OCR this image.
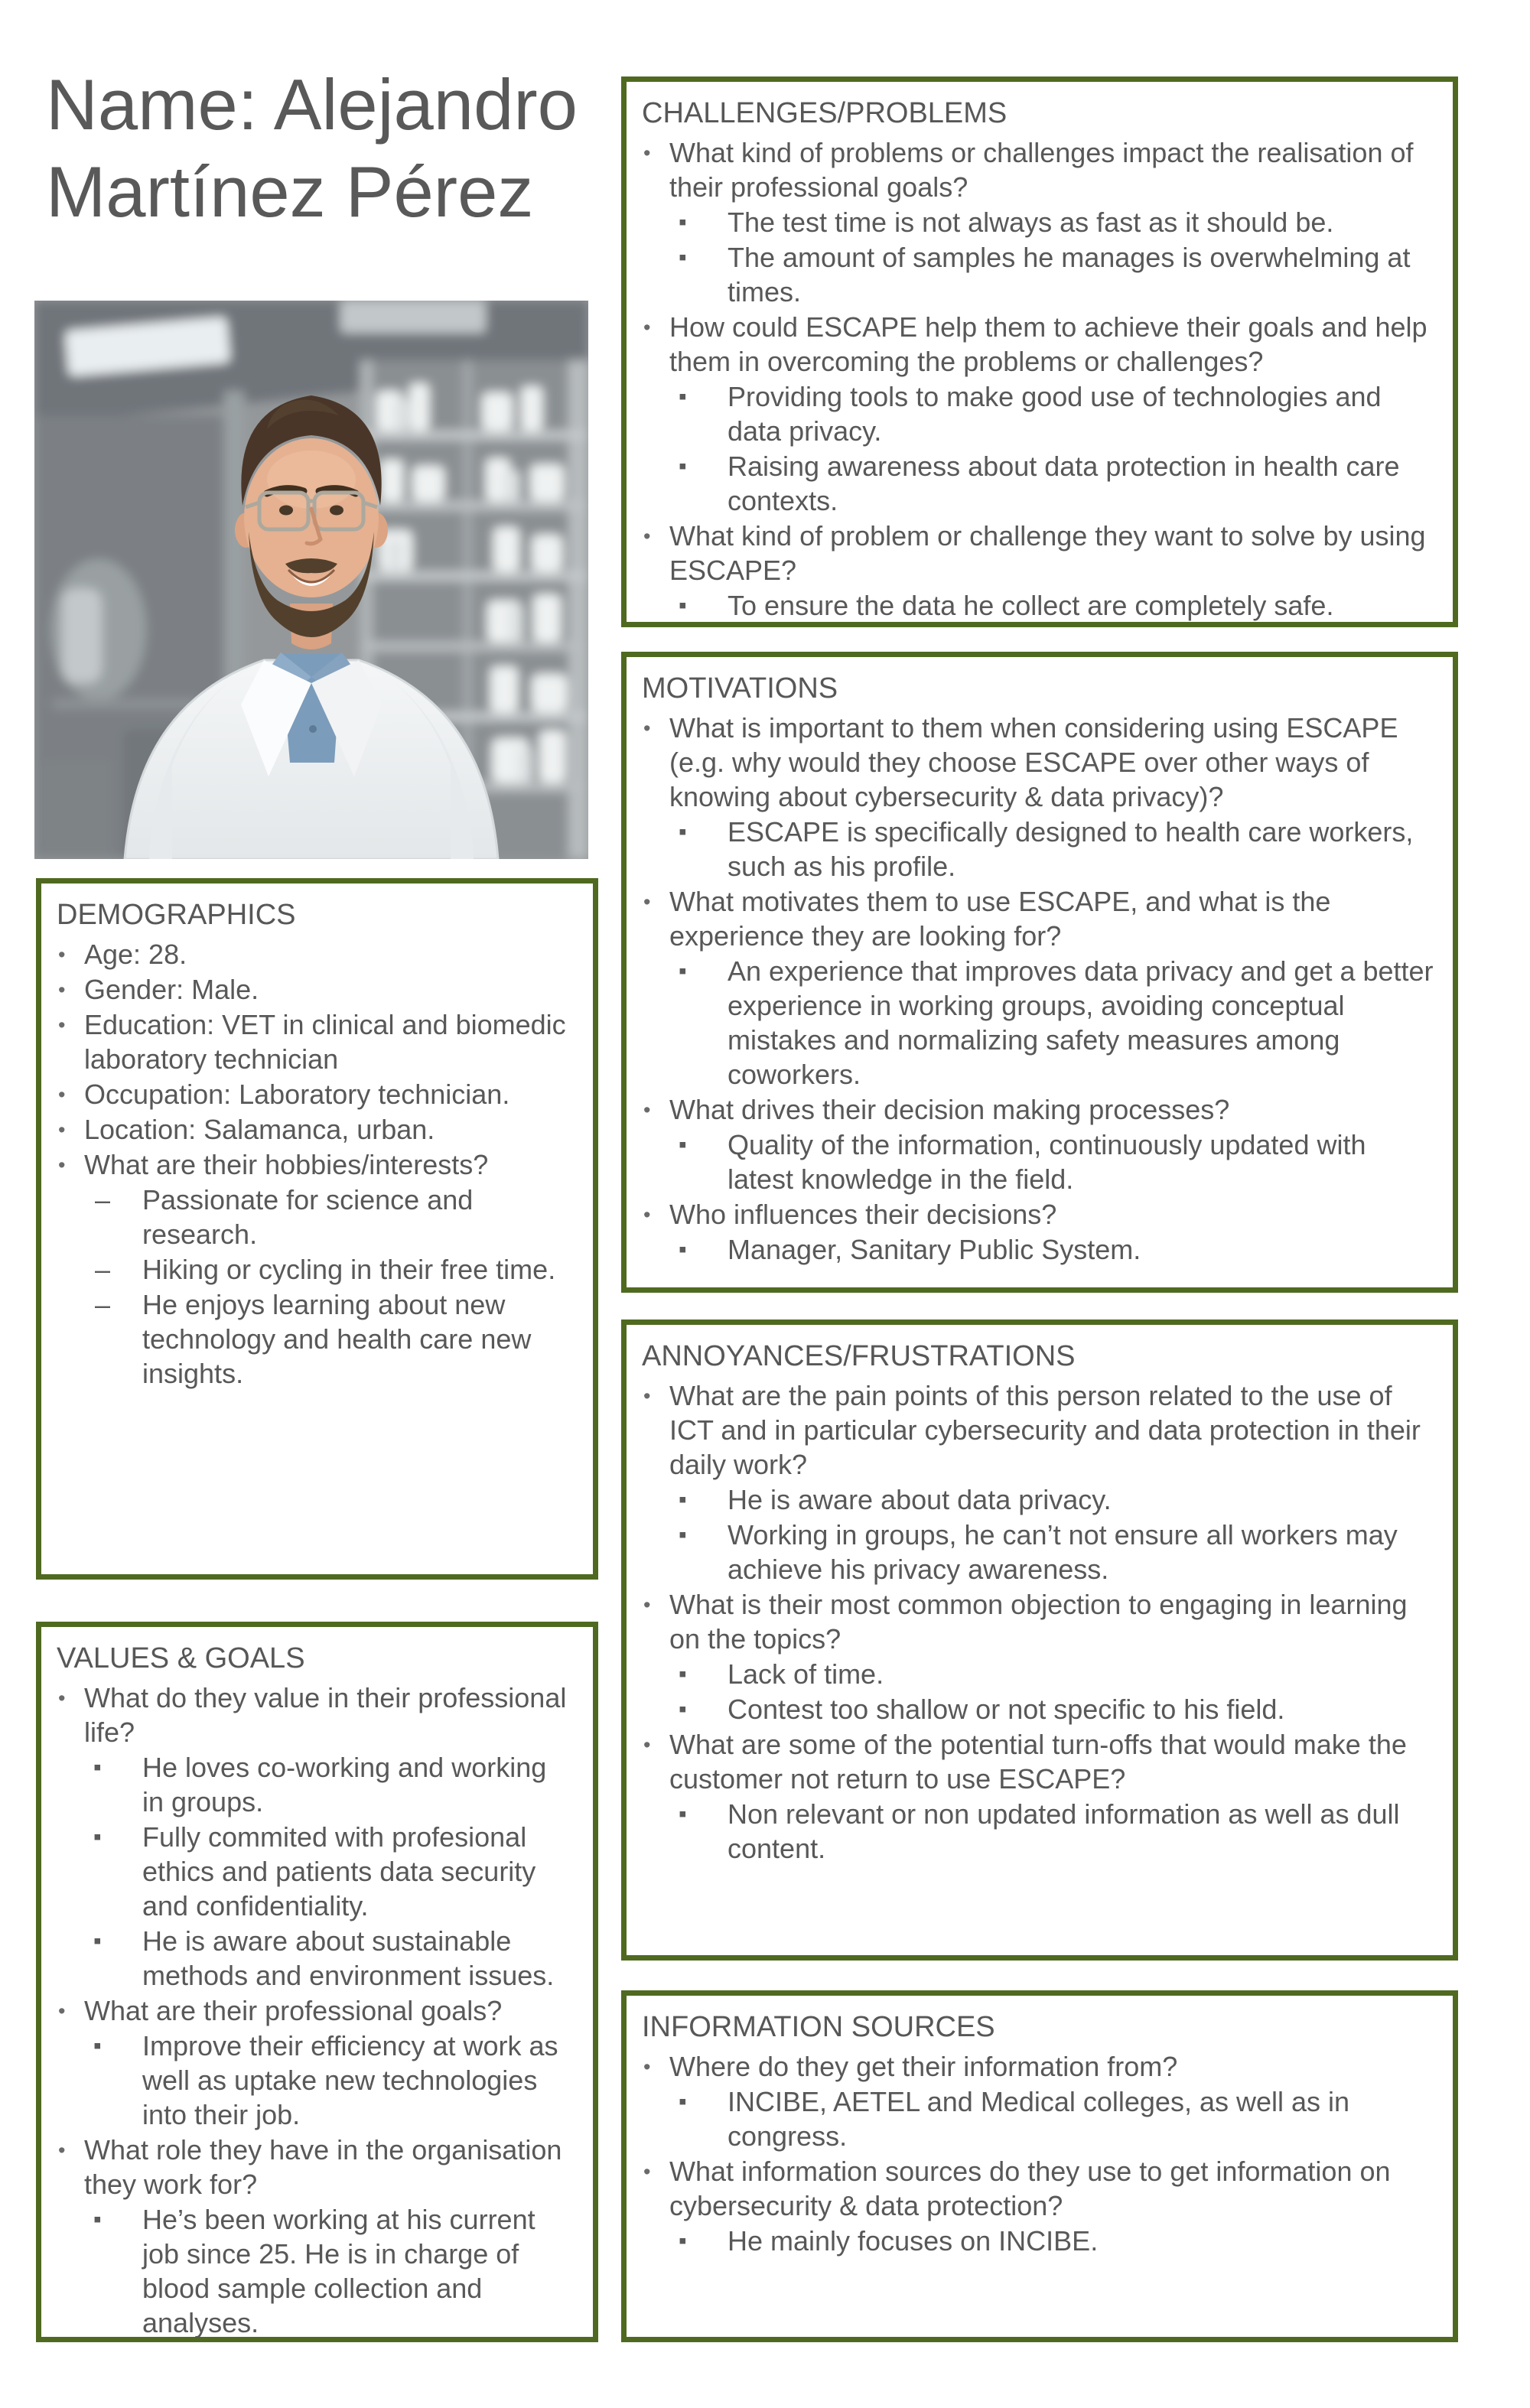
Name: Alejandro Martínez Pérez
DEMOGRAPHICS
• Age: 28.
• Gender: Male.
• Education: VET in clinical and biomedic laboratory technician
• Occupation: Laboratory technician.
• Location: Salamanca, urban.
• What are their hobbies/interests?
– Passionate for science and research.
– Hiking or cycling in their free time.
– He enjoys learning about new technology and health care new insights.
VALUES & GOALS
• What do they value in their professional life?
▪ He loves co-working and working in groups.
▪ Fully commited with profesional ethics and patients data security and confidentiality.
▪ He is aware about sustainable methods and environment issues.
• What are their professional goals?
▪ Improve their efficiency at work as well as uptake new technologies into their job.
• What role they have in the organisation they work for?
▪ He’s been working at his current job since 25. He is in charge of blood sample collection and analyses.
CHALLENGES/PROBLEMS
• What kind of problems or challenges impact the realisation of their professional goals?
▪ The test time is not always as fast as it should be.
▪ The amount of samples he manages is overwhelming at times.
• How could ESCAPE help them to achieve their goals and help them in overcoming the problems or challenges?
▪ Providing tools to make good use of technologies and data privacy.
▪ Raising awareness about data protection in health care contexts.
• What kind of problem or challenge they want to solve by using ESCAPE?
▪ To ensure the data he collect are completely safe.
MOTIVATIONS
• What is important to them when considering using ESCAPE (e.g. why would they choose ESCAPE over other ways of knowing about cybersecurity & data privacy)?
▪ ESCAPE is specifically designed to health care workers, such as his profile.
• What motivates them to use ESCAPE, and what is the experience they are looking for?
▪ An experience that improves data privacy and get a better experience in working groups, avoiding conceptual mistakes and normalizing safety measures among coworkers.
• What drives their decision making processes?
▪ Quality of the information, continuously updated with latest knowledge in the field.
• Who influences their decisions?
▪ Manager, Sanitary Public System.
ANNOYANCES/FRUSTRATIONS
• What are the pain points of this person related to the use of ICT and in particular cybersecurity and data protection in their daily work?
▪ He is aware about data privacy.
▪ Working in groups, he can’t not ensure all workers may achieve his privacy awareness.
• What is their most common objection to engaging in learning on the topics?
▪ Lack of time.
▪ Contest too shallow or not specific to his field.
• What are some of the potential turn-offs that would make the customer not return to use ESCAPE?
▪ Non relevant or non updated information as well as dull content.
INFORMATION SOURCES
• Where do they get their information from?
▪ INCIBE, AETEL and Medical colleges, as well as in congress.
• What information sources do they use to get information on cybersecurity & data protection?
▪ He mainly focuses on INCIBE.
